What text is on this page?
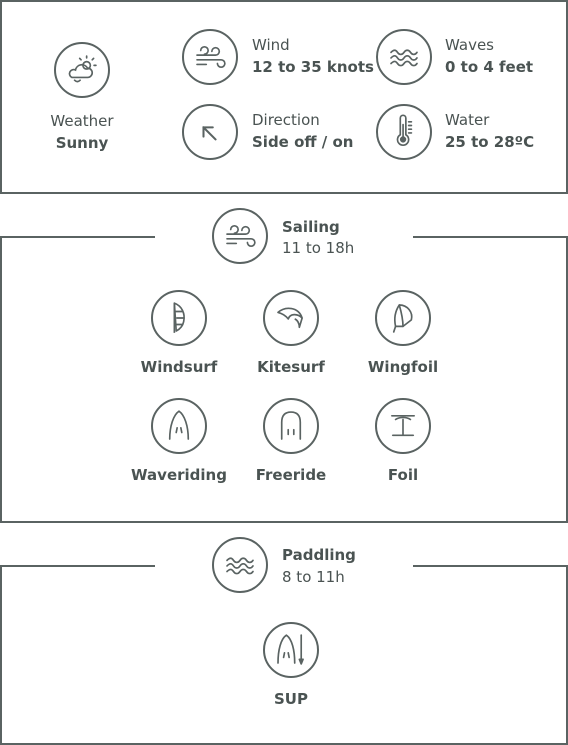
Weather
Sunny
Wind
12 to 35 knots
Waves
0 to 4 feet
Direction
Side off / on
Water
25 to 28ºC
Sailing
11 to 18h
Windsurf	Kitesurf	Wingfoil
Waveriding	Freeride	Foil
Paddling
8 to 11h
SUP
